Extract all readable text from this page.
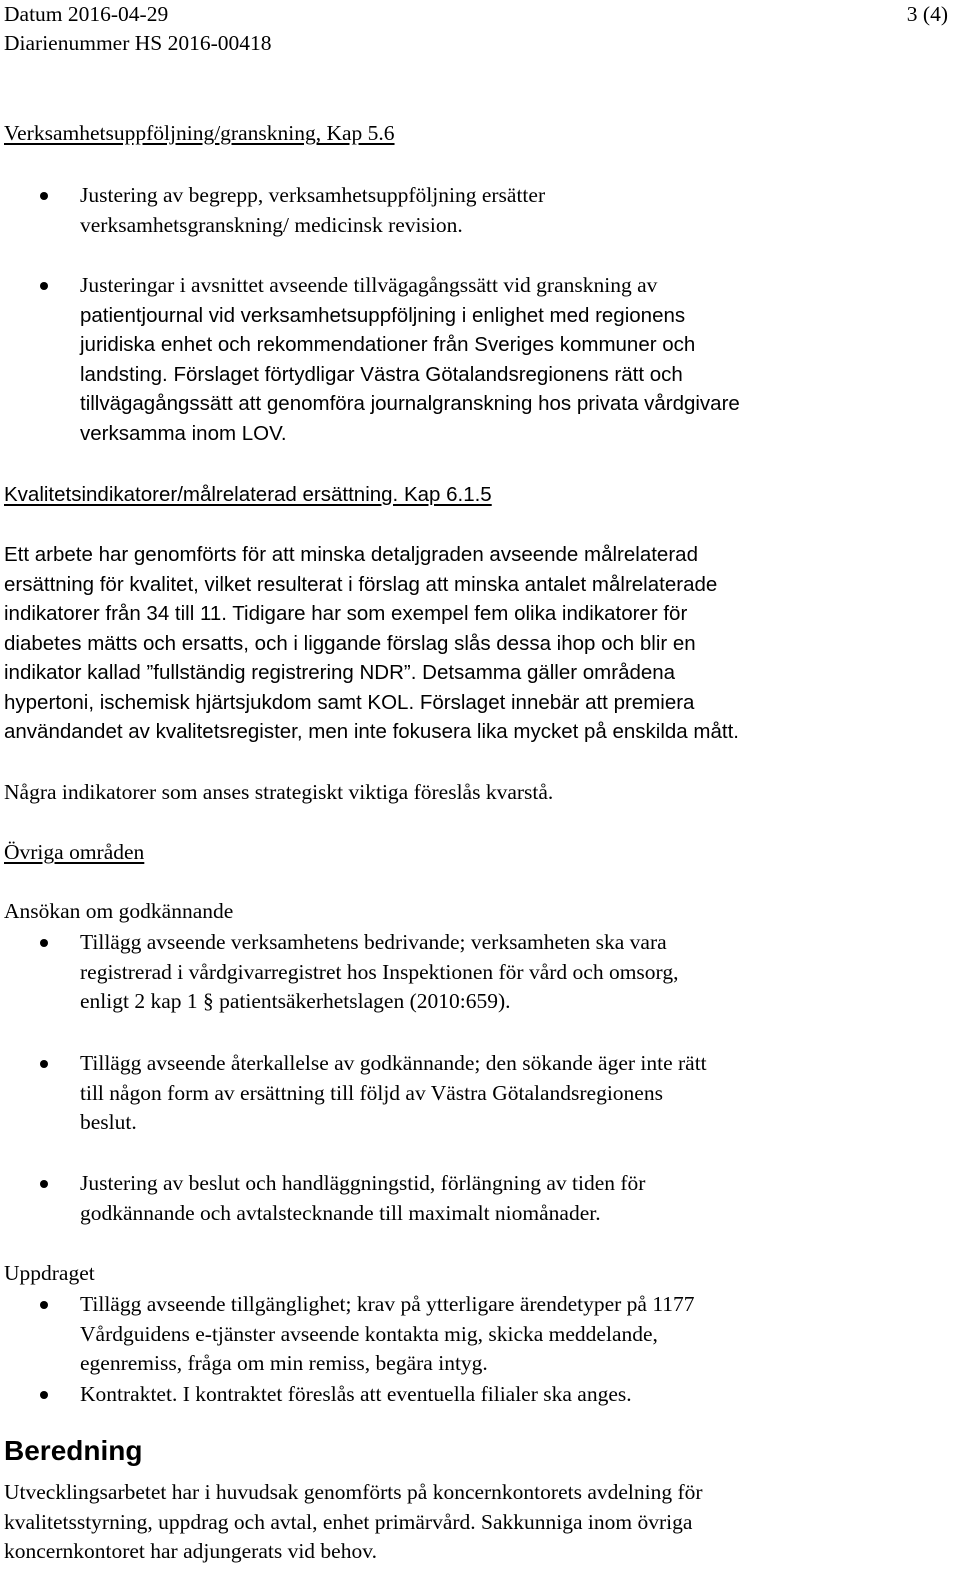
Datum 2016-04-29
Diarienummer HS 2016-00418
3 (4)
Verksamhetsuppföljning/granskning, Kap 5.6
Justering av begrepp, verksamhetsuppföljning ersätter
verksamhetsgranskning/ medicinsk revision.
Justeringar i avsnittet avseende tillvägagångssätt vid granskning av
patientjournal vid verksamhetsuppföljning i enlighet med regionens
juridiska enhet och rekommendationer från Sveriges kommuner och
landsting. Förslaget förtydligar Västra Götalandsregionens rätt och
tillvägagångssätt att genomföra journalgranskning hos privata vårdgivare
verksamma inom LOV.
Kvalitetsindikatorer/målrelaterad ersättning. Kap 6.1.5
Ett arbete har genomförts för att minska detaljgraden avseende målrelaterad
ersättning för kvalitet, vilket resulterat i förslag att minska antalet målrelaterade
indikatorer från 34 till 11. Tidigare har som exempel fem olika indikatorer för
diabetes mätts och ersatts, och i liggande förslag slås dessa ihop och blir en
indikator kallad ”fullständig registrering NDR”. Detsamma gäller områdena
hypertoni, ischemisk hjärtsjukdom samt KOL. Förslaget innebär att premiera
användandet av kvalitetsregister, men inte fokusera lika mycket på enskilda mått.
Några indikatorer som anses strategiskt viktiga föreslås kvarstå.
Övriga områden
Ansökan om godkännande
Tillägg avseende verksamhetens bedrivande; verksamheten ska vara
registrerad i vårdgivarregistret hos Inspektionen för vård och omsorg,
enligt 2 kap 1 § patientsäkerhetslagen (2010:659).
Tillägg avseende återkallelse av godkännande; den sökande äger inte rätt
till någon form av ersättning till följd av Västra Götalandsregionens
beslut.
Justering av beslut och handläggningstid, förlängning av tiden för
godkännande och avtalstecknande till maximalt niomånader.
Uppdraget
Tillägg avseende tillgänglighet; krav på ytterligare ärendetyper på 1177
Vårdguidens e-tjänster avseende kontakta mig, skicka meddelande,
egenremiss, fråga om min remiss, begära intyg.
Kontraktet. I kontraktet föreslås att eventuella filialer ska anges.
Beredning
Utvecklingsarbetet har i huvudsak genomförts på koncernkontorets avdelning för
kvalitetsstyrning, uppdrag och avtal, enhet primärvård. Sakkunniga inom övriga
koncernkontoret har adjungerats vid behov.
